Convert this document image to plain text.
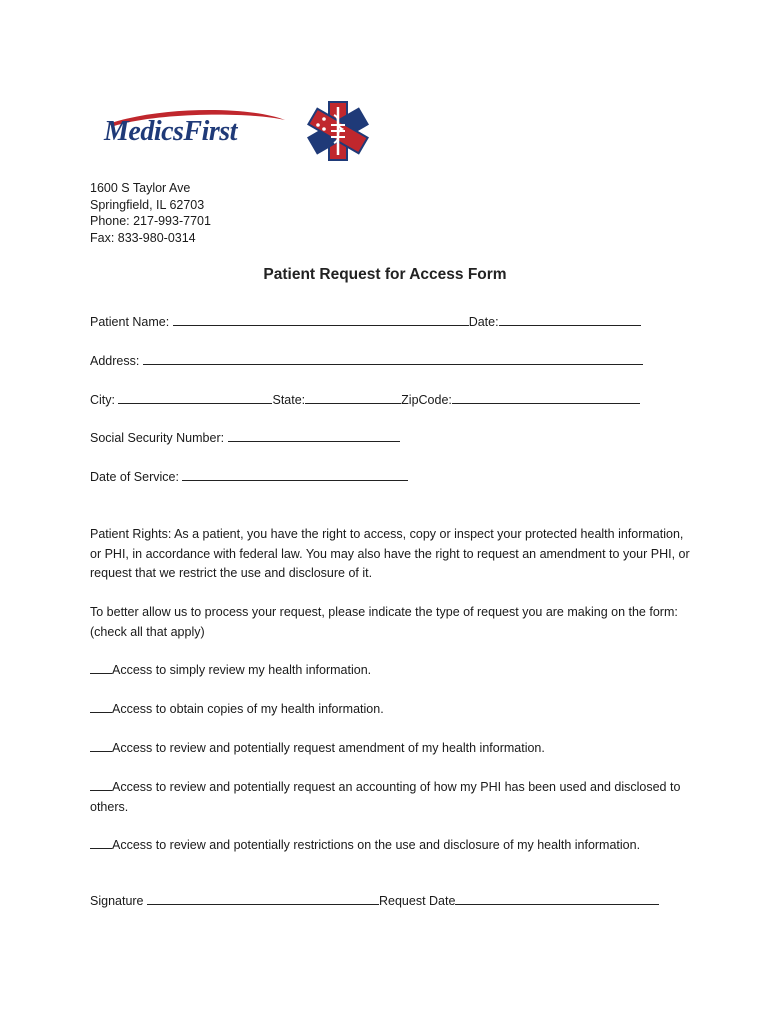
MedicsFirst
1600 S Taylor Ave
Springfield, IL 62703
Phone: 217-993-7701
Fax: 833-980-0314
Patient Request for Access Form
Patient Name:	Date:
Address:
City:	State:	ZipCode:
Social Security Number:
Date of Service:
Patient Rights: As a patient, you have the right to access, copy or inspect your protected health information, or PHI, in accordance with federal law. You may also have the right to request an amendment to your PHI, or request that we restrict the use and disclosure of it.
To better allow us to process your request, please indicate the type of request you are making on the form: (check all that apply)
Access to simply review my health information.
Access to obtain copies of my health information.
Access to review and potentially request amendment of my health information.
Access to review and potentially request an accounting of how my PHI has been used and disclosed to others.
Access to review and potentially restrictions on the use and disclosure of my health information.
Signature	Request Date
